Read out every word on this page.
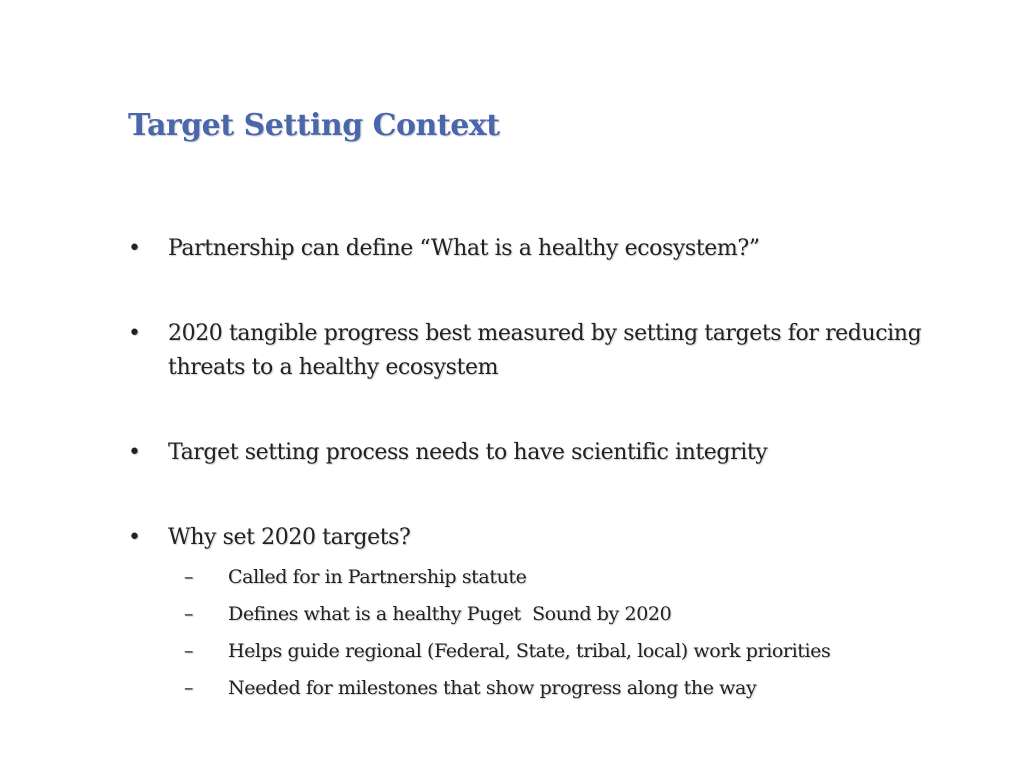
Target Setting Context
•	Partnership can define “What is a healthy ecosystem?”
•	2020 tangible progress best measured by setting targets for reducing threats to a healthy ecosystem
•	Target setting process needs to have scientific integrity
•	Why set 2020 targets?
– Called for in Partnership statute
– Defines what is a healthy Puget  Sound by 2020
– Helps guide regional (Federal, State, tribal, local) work priorities
– Needed for milestones that show progress along the way
